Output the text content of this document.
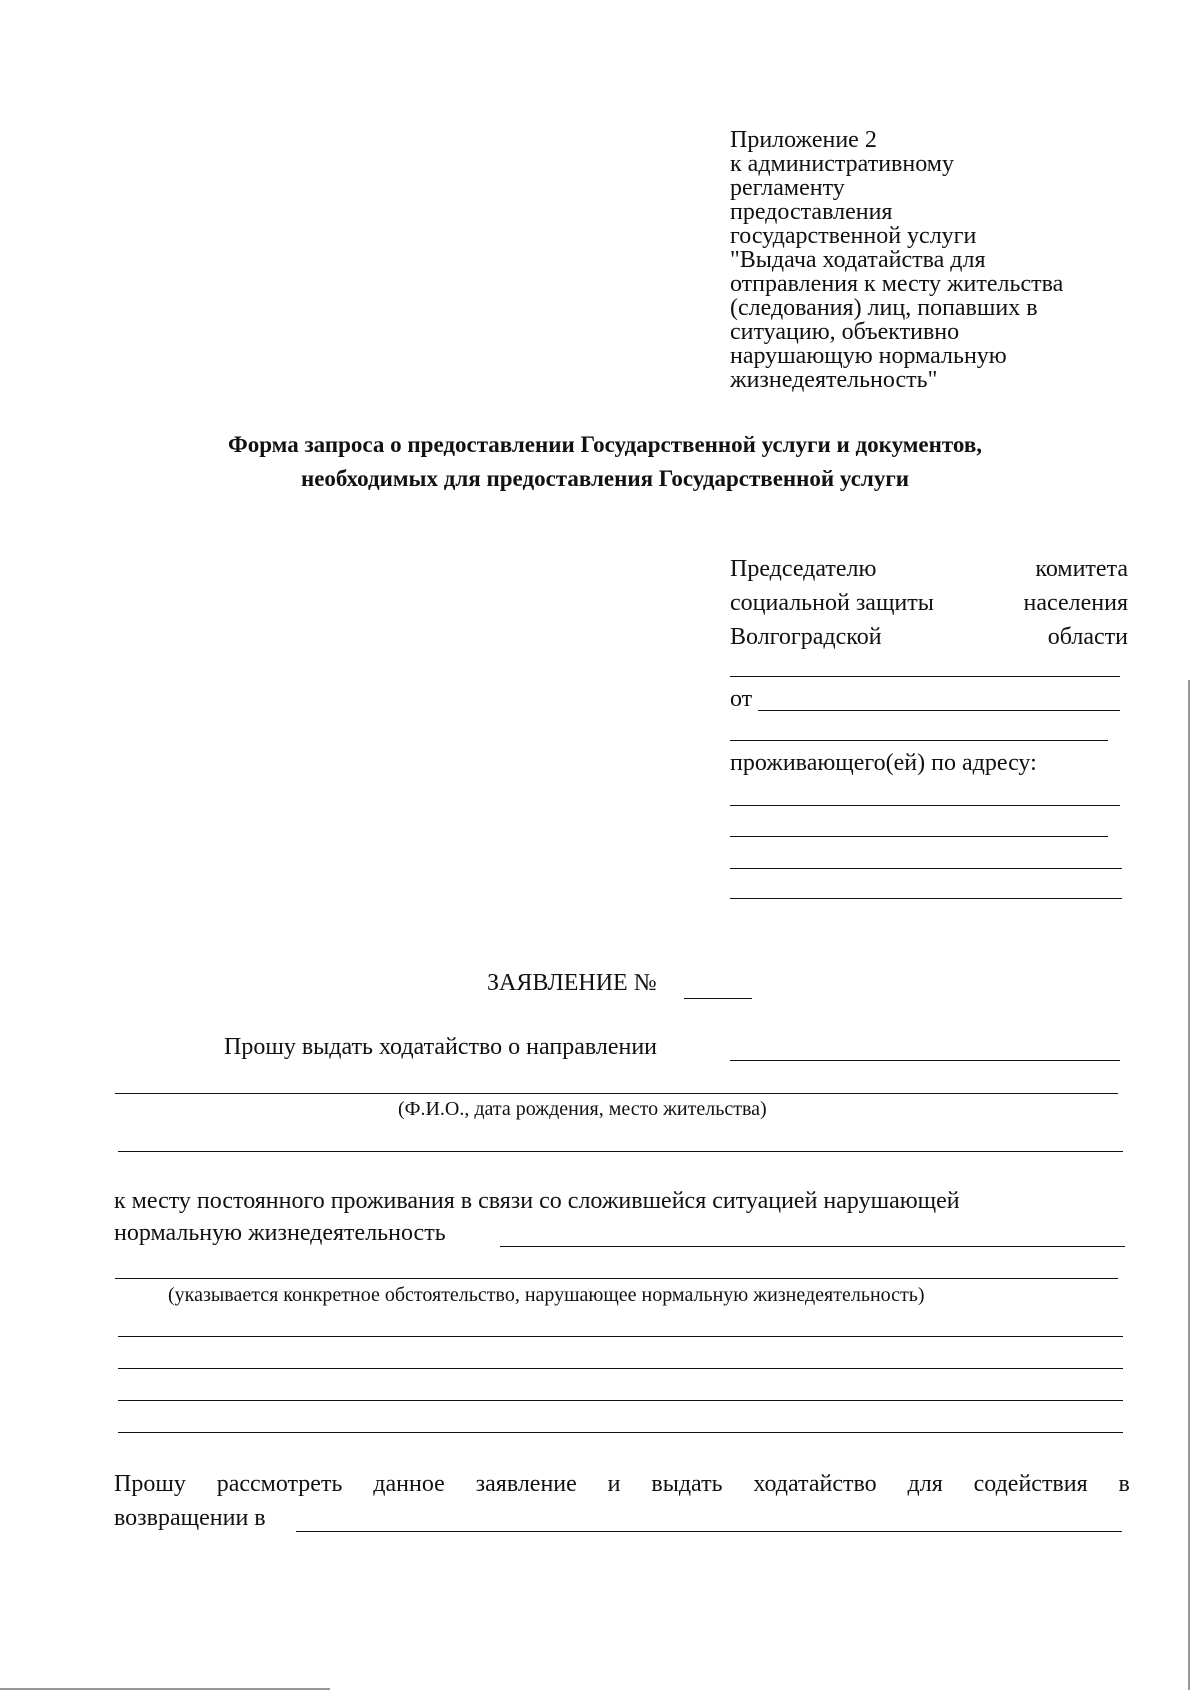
Приложение 2
к административному
регламенту
предоставления
государственной услуги
"Выдача ходатайства для
отправления к месту жительства
(следования) лиц, попавших в
ситуацию, объективно
нарушающую нормальную
жизнедеятельность"
Форма запроса о предоставлении Государственной услуги и документов,
необходимых для предоставления Государственной услуги
Председателю	комитета
социальной защиты	населения
Волгоградской	области
от
проживающего(ей) по адресу:
ЗАЯВЛЕНИЕ №
Прошу выдать ходатайство о направлении
(Ф.И.О., дата рождения, место жительства)
к месту постоянного проживания в связи со сложившейся ситуацией нарушающей
нормальную жизнедеятельность
(указывается конкретное обстоятельство, нарушающее нормальную жизнедеятельность)
Прошу рассмотреть данное заявление и выдать ходатайство для содействия в
возвращении в
